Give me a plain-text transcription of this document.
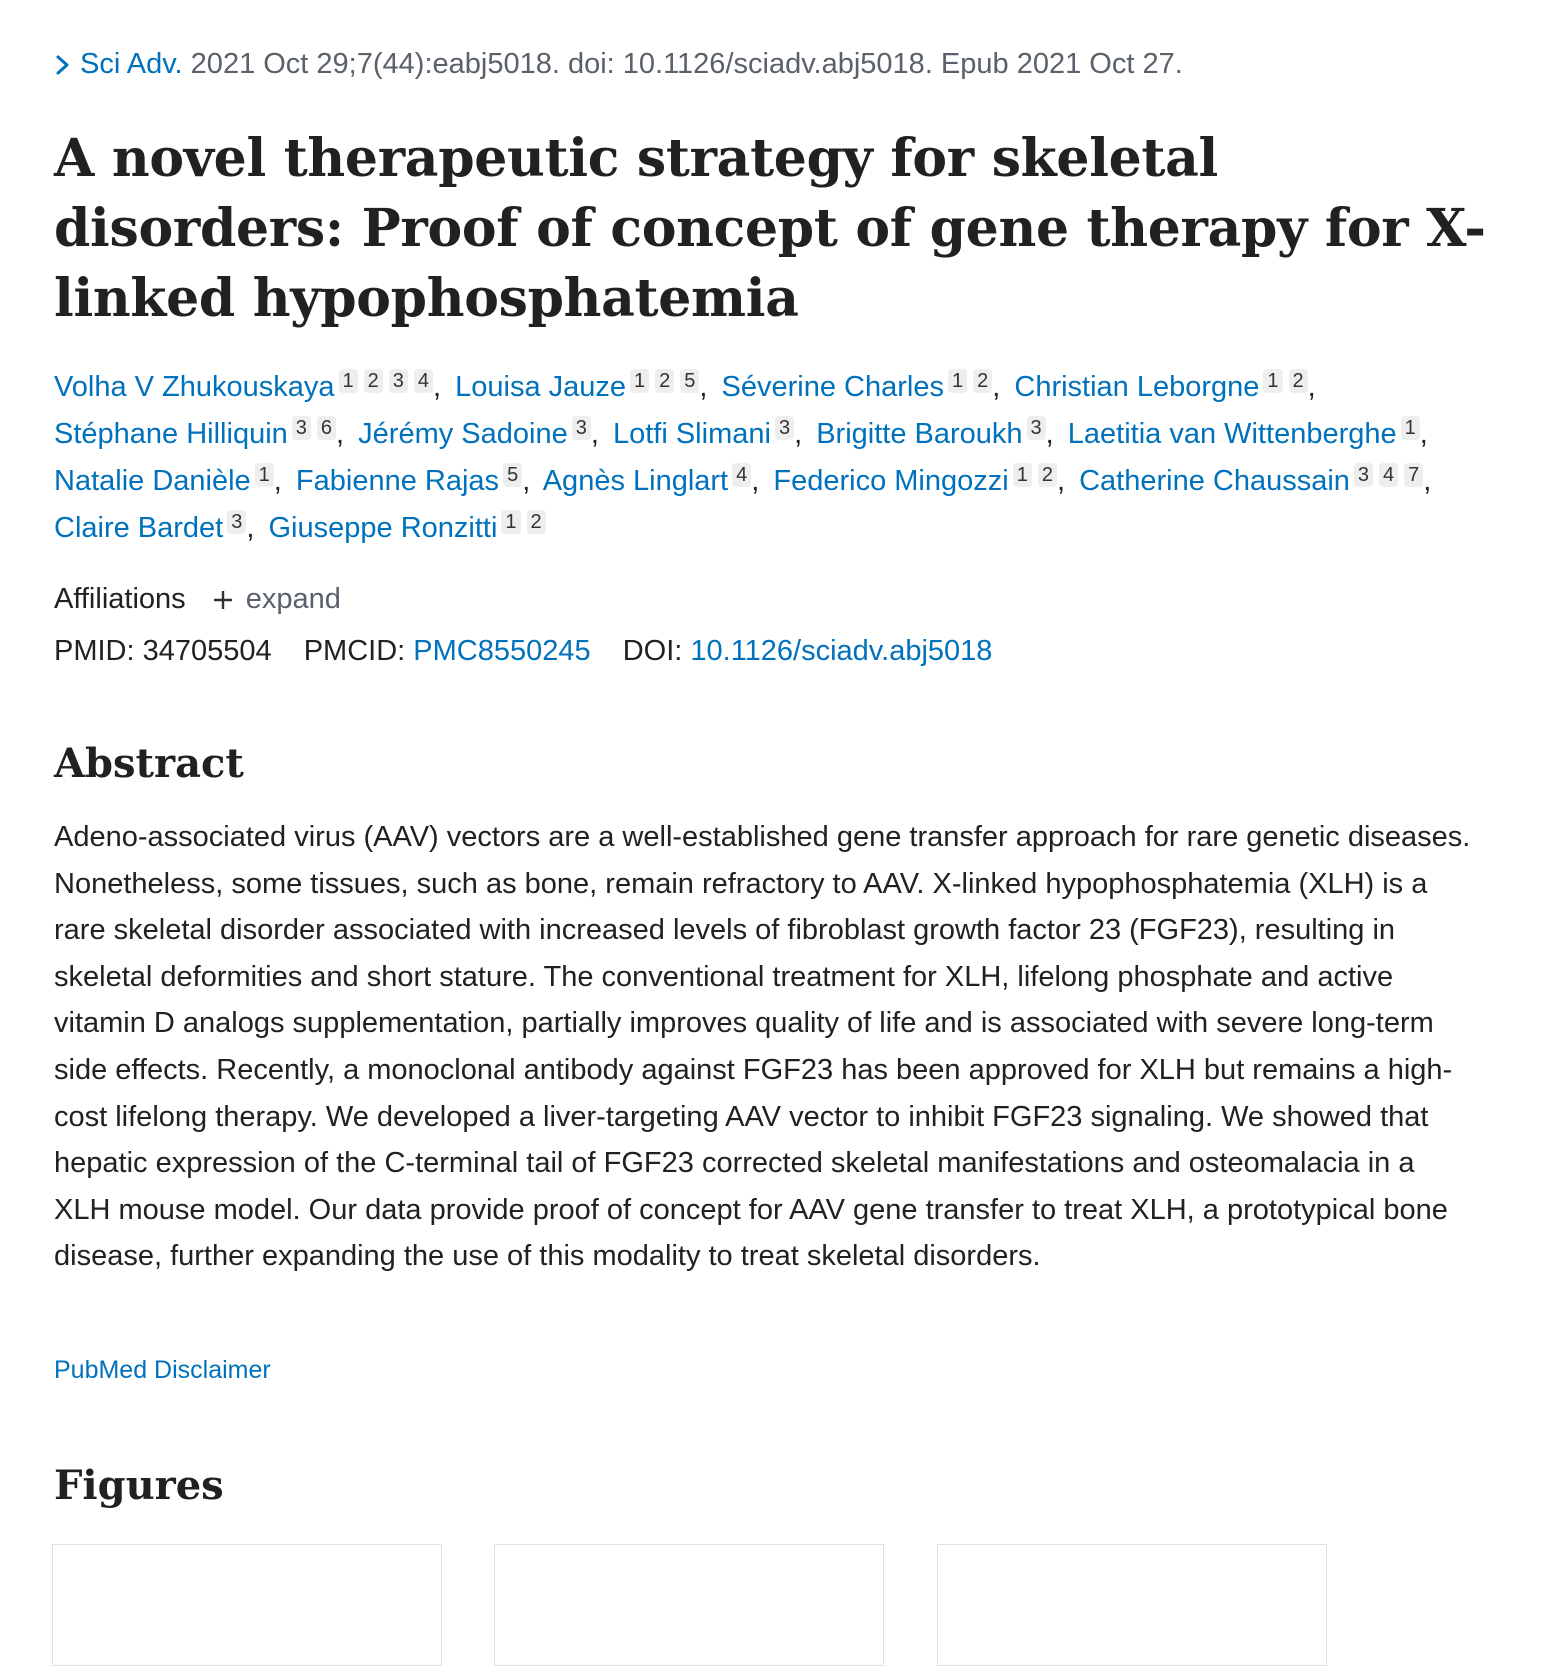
Sci Adv. 2021 Oct 29;7(44):eabj5018. doi: 10.1126/sciadv.abj5018. Epub 2021 Oct 27.
A novel therapeutic strategy for skeletal disorders: Proof of concept of gene therapy for X-linked hypophosphatemia
Volha V Zhukouskaya 1 2 3 4 , Louisa Jauze 1 2 5 , Séverine Charles 1 2 , Christian Leborgne 1 2 , Stéphane Hilliquin 3 6 , Jérémy Sadoine 3 , Lotfi Slimani 3 , Brigitte Baroukh 3 , Laetitia van Wittenberghe 1 , Natalie Danièle 1 , Fabienne Rajas 5 , Agnès Linglart 4 , Federico Mingozzi 1 2 , Catherine Chaussain 3 4 7 , Claire Bardet 3 , Giuseppe Ronzitti 1 2
Affiliations expand
PMID: 34705504 PMCID: PMC8550245 DOI: 10.1126/sciadv.abj5018
Abstract

Adeno-associated virus (AAV) vectors are a well-established gene transfer approach for rare genetic diseases. Nonetheless, some tissues, such as bone, remain refractory to AAV. X-linked hypophosphatemia (XLH) is a rare skeletal disorder associated with increased levels of fibroblast growth factor 23 (FGF23), resulting in skeletal deformities and short stature. The conventional treatment for XLH, lifelong phosphate and active vitamin D analogs supplementation, partially improves quality of life and is associated with severe long-term side effects. Recently, a monoclonal antibody against FGF23 has been approved for XLH but remains a high-cost lifelong therapy. We developed a liver-targeting AAV vector to inhibit FGF23 signaling. We showed that hepatic expression of the C-terminal tail of FGF23 corrected skeletal manifestations and osteomalacia in a XLH mouse model. Our data provide proof of concept for AAV gene transfer to treat XLH, a prototypical bone disease, further expanding the use of this modality to treat skeletal disorders.

PubMed Disclaimer
Figures
